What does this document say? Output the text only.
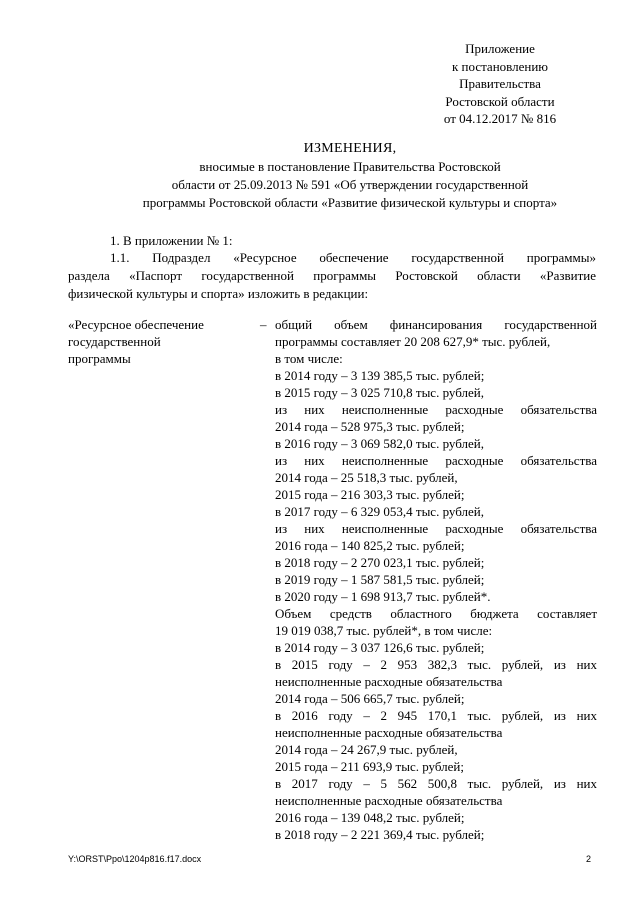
Приложение
к постановлению
Правительства
Ростовской области
от 04.12.2017 № 816
ИЗМЕНЕНИЯ,
вносимые в постановление Правительства Ростовской
области от 25.09.2013 № 591 «Об утверждении государственной
программы Ростовской области «Развитие физической культуры и спорта»
1. В приложении № 1:
1.1. Подраздел «Ресурсное обеспечение государственной программы»
раздела «Паспорт государственной программы Ростовской области «Развитие
физической культуры и спорта» изложить в редакции:
«Ресурсное обеспечение
государственной
программы
– общий объем финансирования государственной
программы составляет 20 208 627,9* тыс. рублей,
в том числе:
в 2014 году – 3 139 385,5 тыс. рублей;
в 2015 году – 3 025 710,8 тыс. рублей,
из них неисполненные расходные обязательства
2014 года – 528 975,3 тыс. рублей;
в 2016 году – 3 069 582,0 тыс. рублей,
из них неисполненные расходные обязательства
2014 года – 25 518,3 тыс. рублей,
2015 года – 216 303,3 тыс. рублей;
в 2017 году – 6 329 053,4 тыс. рублей,
из них неисполненные расходные обязательства
2016 года – 140 825,2 тыс. рублей;
в 2018 году – 2 270 023,1 тыс. рублей;
в 2019 году – 1 587 581,5 тыс. рублей;
в 2020 году – 1 698 913,7 тыс. рублей*.
Объем средств областного бюджета составляет
19 019 038,7 тыс. рублей*, в том числе:
в 2014 году – 3 037 126,6 тыс. рублей;
в 2015 году – 2 953 382,3 тыс. рублей, из них
неисполненные расходные обязательства
2014 года – 506 665,7 тыс. рублей;
в 2016 году – 2 945 170,1 тыс. рублей, из них
неисполненные расходные обязательства
2014 года – 24 267,9 тыс. рублей,
2015 года – 211 693,9 тыс. рублей;
в 2017 году – 5 562 500,8 тыс. рублей, из них
неисполненные расходные обязательства
2016 года – 139 048,2 тыс. рублей;
в 2018 году – 2 221 369,4 тыс. рублей;
Y:\ORST\Ppo\1204p816.f17.docx	2
